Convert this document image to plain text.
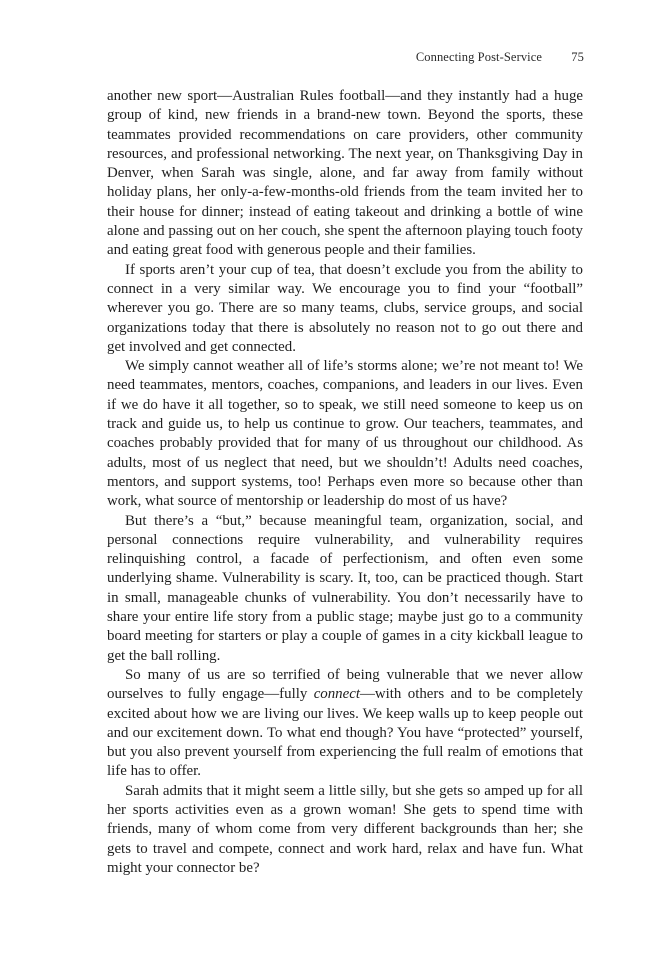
Connecting Post-Service 75

another new sport—Australian Rules football—and they instantly had a huge group of kind, new friends in a brand-new town. Beyond the sports, these teammates provided recommendations on care providers, other community resources, and professional networking. The next year, on Thanksgiving Day in Denver, when Sarah was single, alone, and far away from family without holiday plans, her only-a-few-months-old friends from the team invited her to their house for dinner; instead of eating takeout and drinking a bottle of wine alone and passing out on her couch, she spent the afternoon playing touch footy and eating great food with generous people and their families.

If sports aren’t your cup of tea, that doesn’t exclude you from the ability to connect in a very similar way. We encourage you to find your “football” wherever you go. There are so many teams, clubs, service groups, and social organizations today that there is absolutely no reason not to go out there and get involved and get connected.

We simply cannot weather all of life’s storms alone; we’re not meant to! We need teammates, mentors, coaches, companions, and leaders in our lives. Even if we do have it all together, so to speak, we still need someone to keep us on track and guide us, to help us continue to grow. Our teachers, teammates, and coaches probably provided that for many of us throughout our childhood. As adults, most of us neglect that need, but we shouldn’t! Adults need coaches, mentors, and support systems, too! Perhaps even more so because other than work, what source of mentorship or leadership do most of us have?

But there’s a “but,” because meaningful team, organization, social, and personal connections require vulnerability, and vulnerability requires relinquishing control, a facade of perfectionism, and often even some underlying shame. Vulnerability is scary. It, too, can be practiced though. Start in small, manageable chunks of vulnerability. You don’t necessarily have to share your entire life story from a public stage; maybe just go to a community board meeting for starters or play a couple of games in a city kickball league to get the ball rolling.

So many of us are so terrified of being vulnerable that we never allow ourselves to fully engage—fully connect—with others and to be completely excited about how we are living our lives. We keep walls up to keep people out and our excitement down. To what end though? You have “protected” yourself, but you also prevent yourself from experiencing the full realm of emotions that life has to offer.

Sarah admits that it might seem a little silly, but she gets so amped up for all her sports activities even as a grown woman! She gets to spend time with friends, many of whom come from very different backgrounds than her; she gets to travel and compete, connect and work hard, relax and have fun. What might your connector be?
